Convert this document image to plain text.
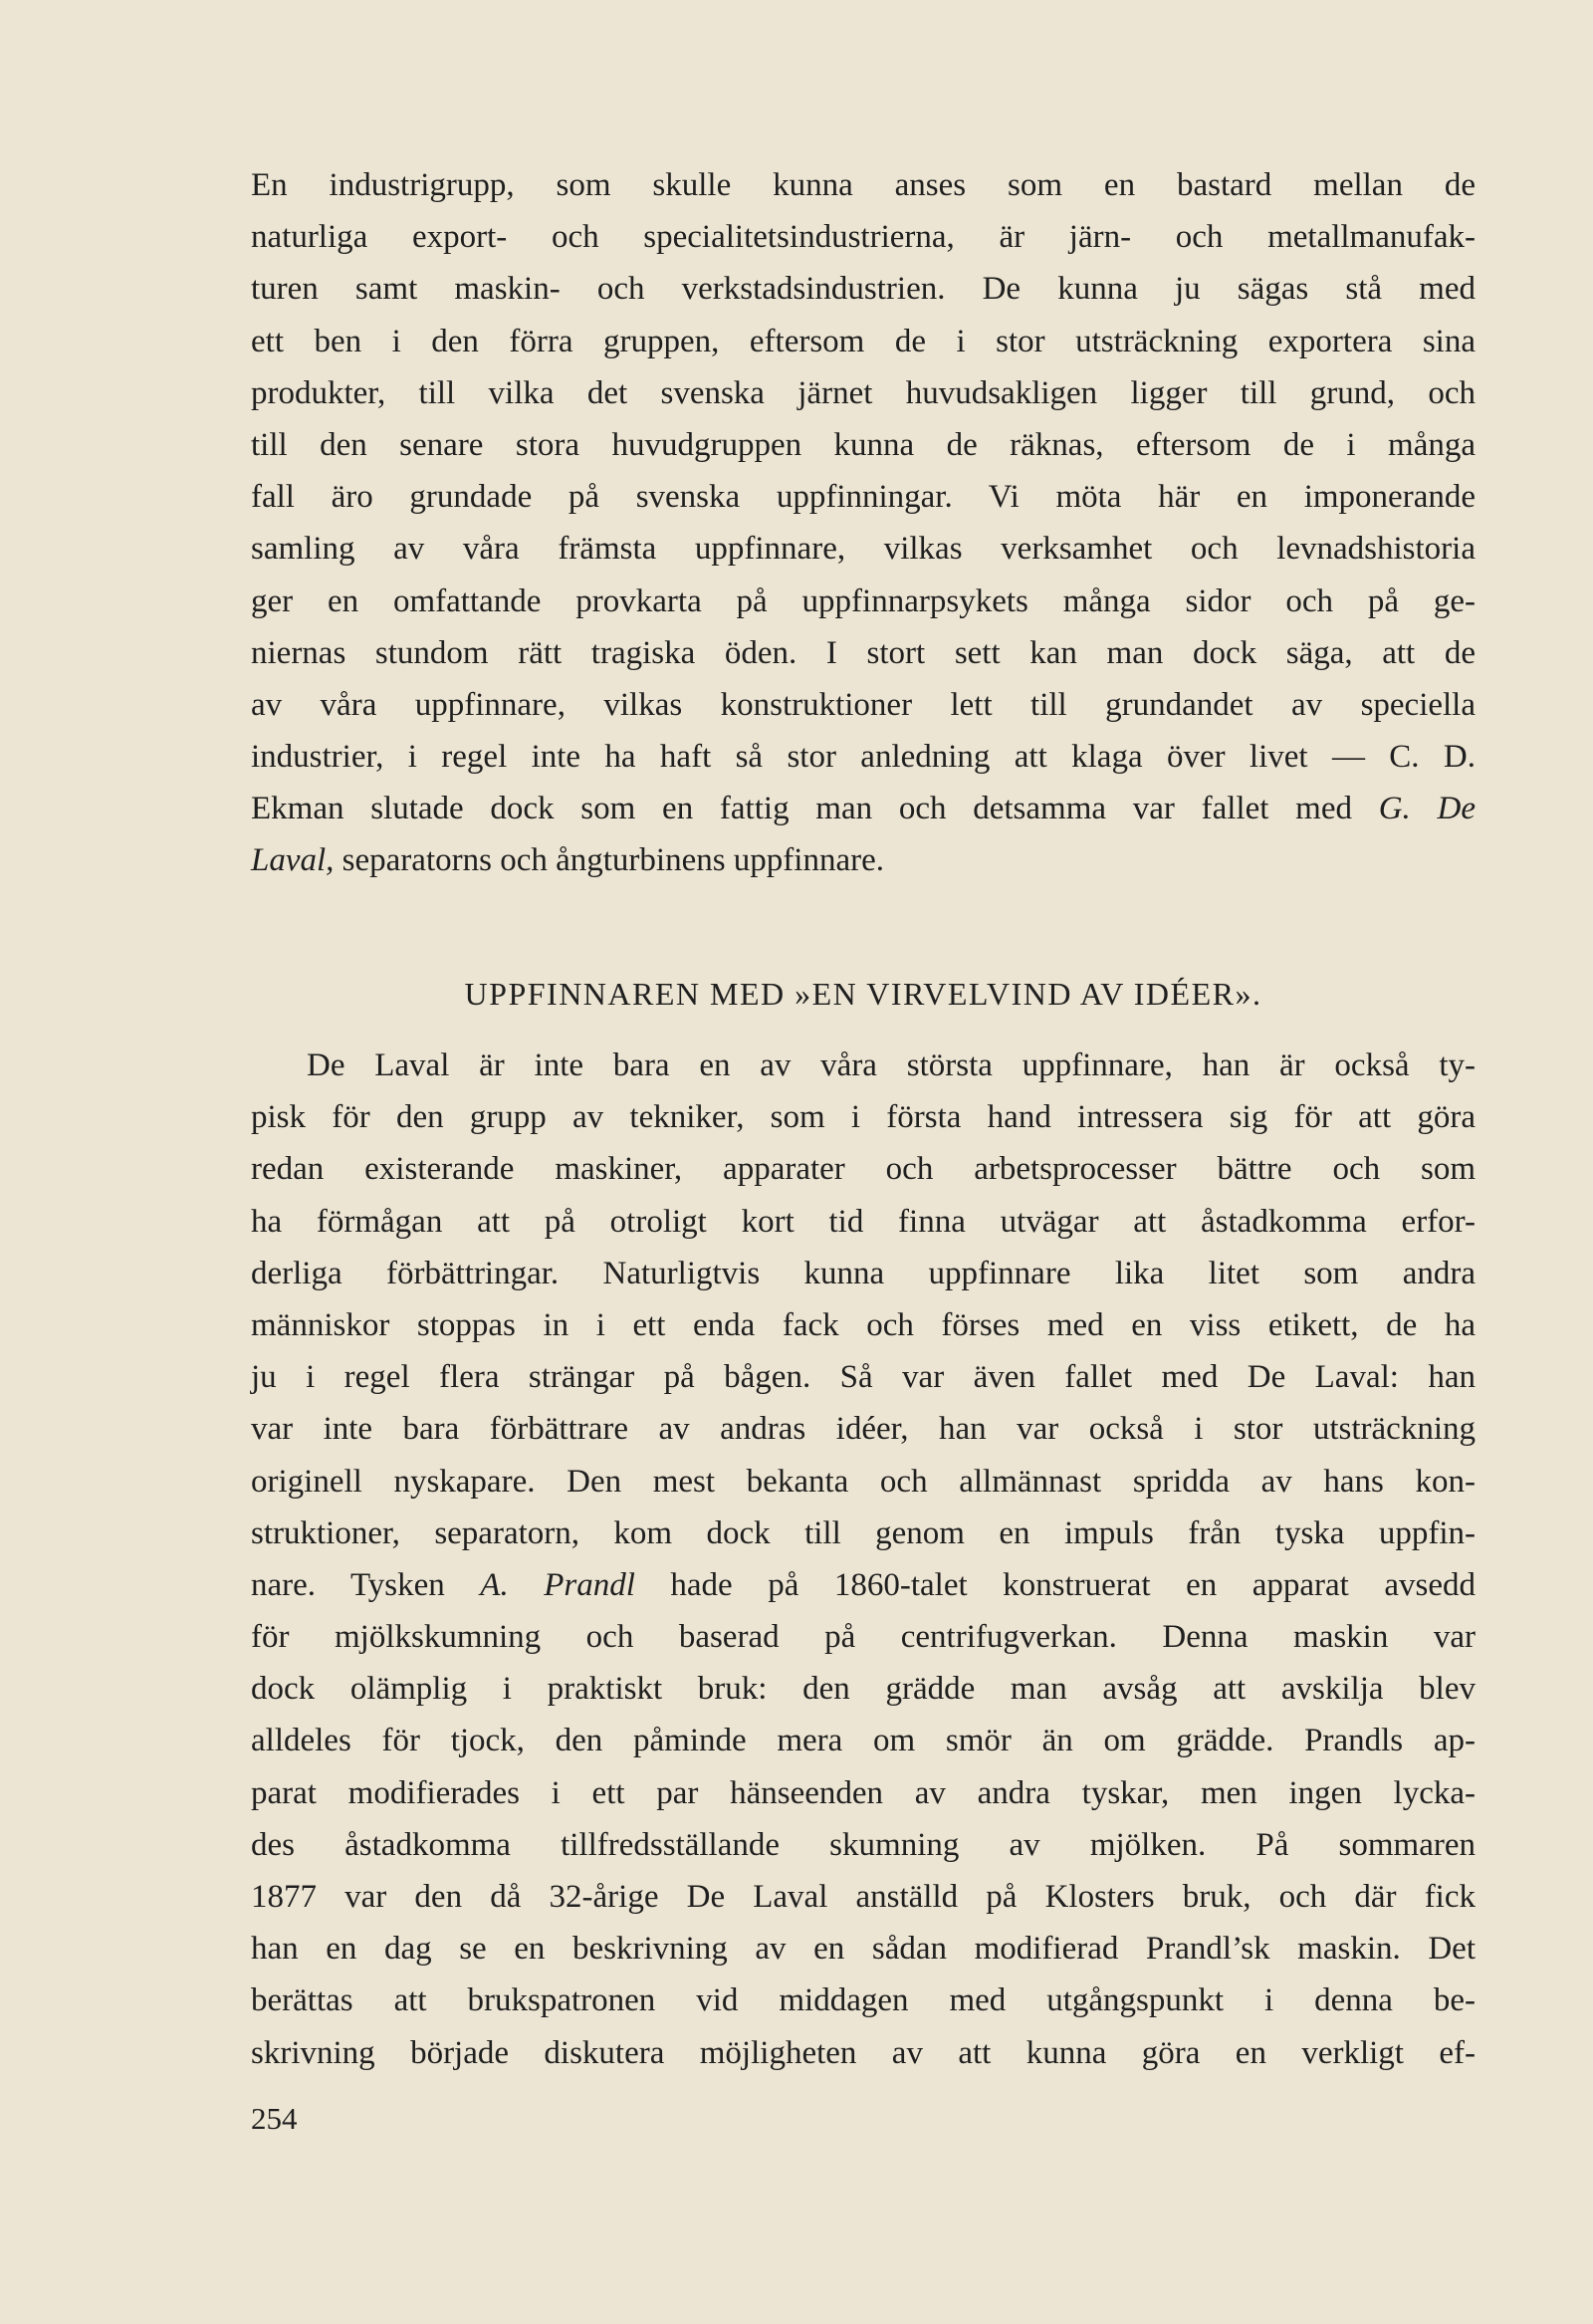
En industrigrupp, som skulle kunna anses som en bastard mellan de
naturliga export- och specialitetsindustrierna, är järn- och metallmanufak-
turen samt maskin- och verkstadsindustrien. De kunna ju sägas stå med
ett ben i den förra gruppen, eftersom de i stor utsträckning exportera sina
produkter, till vilka det svenska järnet huvudsakligen ligger till grund, och
till den senare stora huvudgruppen kunna de räknas, eftersom de i många
fall äro grundade på svenska uppfinningar. Vi möta här en imponerande
samling av våra främsta uppfinnare, vilkas verksamhet och levnadshistoria
ger en omfattande provkarta på uppfinnarpsykets många sidor och på ge-
niernas stundom rätt tragiska öden. I stort sett kan man dock säga, att de
av våra uppfinnare, vilkas konstruktioner lett till grundandet av speciella
industrier, i regel inte ha haft så stor anledning att klaga över livet — C. D.
Ekman slutade dock som en fattig man och detsamma var fallet med G. De
Laval, separatorns och ångturbinens uppfinnare.
UPPFINNAREN MED »EN VIRVELVIND AV IDÉER».
De Laval är inte bara en av våra största uppfinnare, han är också ty-
pisk för den grupp av tekniker, som i första hand intressera sig för att göra
redan existerande maskiner, apparater och arbetsprocesser bättre och som
ha förmågan att på otroligt kort tid finna utvägar att åstadkomma erfor-
derliga förbättringar. Naturligtvis kunna uppfinnare lika litet som andra
människor stoppas in i ett enda fack och förses med en viss etikett, de ha
ju i regel flera strängar på bågen. Så var även fallet med De Laval: han
var inte bara förbättrare av andras idéer, han var också i stor utsträckning
originell nyskapare. Den mest bekanta och allmännast spridda av hans kon-
struktioner, separatorn, kom dock till genom en impuls från tyska uppfin-
nare. Tysken A. Prandl hade på 1860-talet konstruerat en apparat avsedd
för mjölkskumning och baserad på centrifugverkan. Denna maskin var
dock olämplig i praktiskt bruk: den grädde man avsåg att avskilja blev
alldeles för tjock, den påminde mera om smör än om grädde. Prandls ap-
parat modifierades i ett par hänseenden av andra tyskar, men ingen lycka-
des åstadkomma tillfredsställande skumning av mjölken. På sommaren
1877 var den då 32-årige De Laval anställd på Klosters bruk, och där fick
han en dag se en beskrivning av en sådan modifierad Prandl’sk maskin. Det
berättas att brukspatronen vid middagen med utgångspunkt i denna be-
skrivning började diskutera möjligheten av att kunna göra en verkligt ef-
254
